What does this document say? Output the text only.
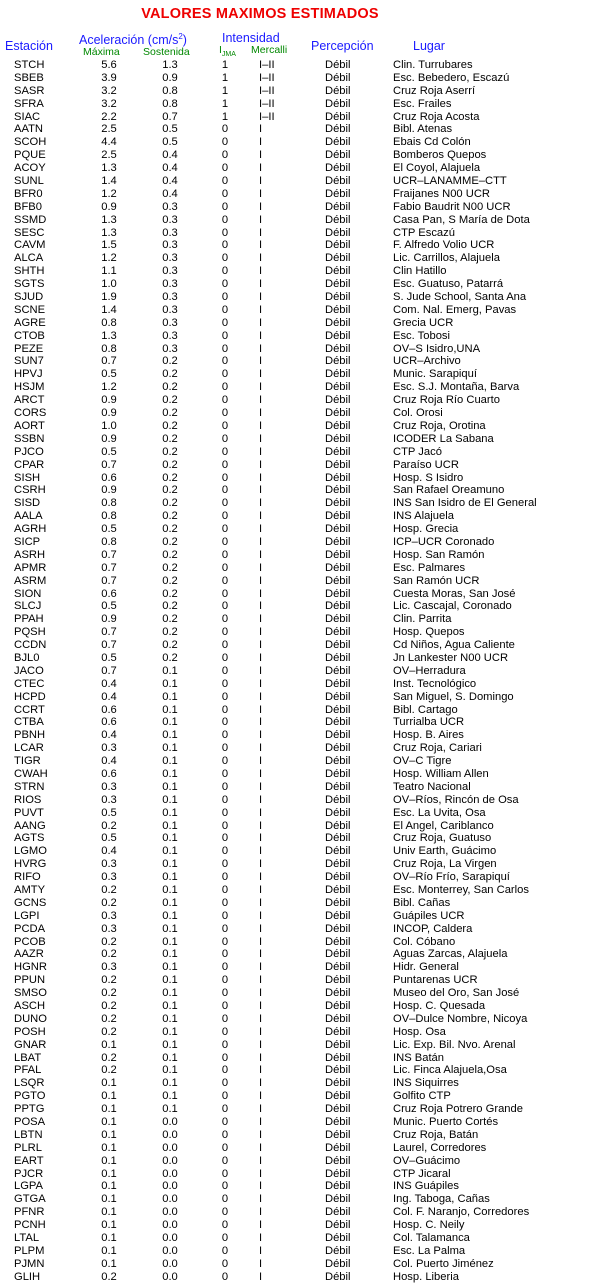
VALORES MAXIMOS ESTIMADOS
Estación Aceleración $(cm/s^2)$
Máxima Sostenida
Intensidad
$I_{JMA}$ Mercalli Percepción	Lugar
STCH	5.6	1.3	1	I–II	Débil	Clin. Turrubares
SBEB	3.9	0.9	1	I–II	Débil	Esc. Bebedero, Escazú
SASR	3.2	0.8	1	I–II	Débil	Cruz Roja Aserrí
SFRA	3.2	0.8	1	I–II	Débil	Esc. Frailes
SIAC	2.2	0.7	1	I–II	Débil	Cruz Roja Acosta
AATN	2.5	0.5	0	I	Débil	Bibl. Atenas
SCOH	4.4	0.5	0	I	Débil	Ebais Cd Colón
PQUE	2.5	0.4	0	I	Débil	Bomberos Quepos
ACOY	1.3	0.4	0	I	Débil	El Coyol, Alajuela
SUNL	1.4	0.4	0	I	Débil	UCR–LANAMME–CTT
BFR0	1.2	0.4	0	I	Débil	Fraijanes N00 UCR
BFB0	0.9	0.3	0	I	Débil	Fabio Baudrit N00 UCR
SSMD	1.3	0.3	0	I	Débil	Casa Pan, S María de Dota
SESC	1.3	0.3	0	I	Débil	CTP Escazú
CAVM	1.5	0.3	0	I	Débil	F. Alfredo Volio UCR
ALCA	1.2	0.3	0	I	Débil	Lic. Carrillos, Alajuela
SHTH	1.1	0.3	0	I	Débil	Clin Hatillo
SGTS	1.0	0.3	0	I	Débil	Esc. Guatuso, Patarrá
SJUD	1.9	0.3	0	I	Débil	S. Jude School, Santa Ana
SCNE	1.4	0.3	0	I	Débil	Com. Nal. Emerg, Pavas
AGRE	0.8	0.3	0	I	Débil	Grecia UCR
CTOB	1.3	0.3	0	I	Débil	Esc. Tobosi
PEZE	0.8	0.3	0	I	Débil	OV–S Isidro,UNA
SUN7	0.7	0.2	0	I	Débil	UCR–Archivo
HPVJ	0.5	0.2	0	I	Débil	Munic. Sarapiquí
HSJM	1.2	0.2	0	I	Débil	Esc. S.J. Montaña, Barva
ARCT	0.9	0.2	0	I	Débil	Cruz Roja Río Cuarto
CORS	0.9	0.2	0	I	Débil	Col. Orosi
AORT	1.0	0.2	0	I	Débil	Cruz Roja, Orotina
SSBN	0.9	0.2	0	I	Débil	ICODER La Sabana
PJCO	0.5	0.2	0	I	Débil	CTP Jacó
CPAR	0.7	0.2	0	I	Débil	Paraíso UCR
SISH	0.6	0.2	0	I	Débil	Hosp. S Isidro
CSRH	0.9	0.2	0	I	Débil	San Rafael Oreamuno
SISD	0.8	0.2	0	I	Débil	INS San Isidro de El General
AALA	0.8	0.2	0	I	Débil	INS Alajuela
AGRH	0.5	0.2	0	I	Débil	Hosp. Grecia
SICP	0.8	0.2	0	I	Débil	ICP–UCR Coronado
ASRH	0.7	0.2	0	I	Débil	Hosp. San Ramón
APMR	0.7	0.2	0	I	Débil	Esc. Palmares
ASRM	0.7	0.2	0	I	Débil	San Ramón UCR
SION	0.6	0.2	0	I	Débil	Cuesta Moras, San José
SLCJ	0.5	0.2	0	I	Débil	Lic. Cascajal, Coronado
PPAH	0.9	0.2	0	I	Débil	Clin. Parrita
PQSH	0.7	0.2	0	I	Débil	Hosp. Quepos
CCDN	0.7	0.2	0	I	Débil	Cd Niños, Agua Caliente
BJL0	0.5	0.2	0	I	Débil	Jn Lankester N00 UCR
JACO	0.7	0.1	0	I	Débil	OV–Herradura
CTEC	0.4	0.1	0	I	Débil	Inst. Tecnológico
HCPD	0.4	0.1	0	I	Débil	San Miguel, S. Domingo
CCRT	0.6	0.1	0	I	Débil	Bibl. Cartago
CTBA	0.6	0.1	0	I	Débil	Turrialba UCR
PBNH	0.4	0.1	0	I	Débil	Hosp. B. Aires
LCAR	0.3	0.1	0	I	Débil	Cruz Roja, Cariari
TIGR	0.4	0.1	0	I	Débil	OV–C Tigre
CWAH	0.6	0.1	0	I	Débil	Hosp. William Allen
STRN	0.3	0.1	0	I	Débil	Teatro Nacional
RIOS	0.3	0.1	0	I	Débil	OV–Ríos, Rincón de Osa
PUVT	0.5	0.1	0	I	Débil	Esc. La Uvita, Osa
AANG	0.2	0.1	0	I	Débil	El Angel, Cariblanco
AGTS	0.5	0.1	0	I	Débil	Cruz Roja, Guatuso
LGMO	0.4	0.1	0	I	Débil	Univ Earth, Guácimo
HVRG	0.3	0.1	0	I	Débil	Cruz Roja, La Virgen
RIFO	0.3	0.1	0	I	Débil	OV–Río Frío, Sarapiquí
AMTY	0.2	0.1	0	I	Débil	Esc. Monterrey, San Carlos
GCNS	0.2	0.1	0	I	Débil	Bibl. Cañas
LGPI	0.3	0.1	0	I	Débil	Guápiles UCR
PCDA	0.3	0.1	0	I	Débil	INCOP, Caldera
PCOB	0.2	0.1	0	I	Débil	Col. Cóbano
AAZR	0.2	0.1	0	I	Débil	Aguas Zarcas, Alajuela
HGNR	0.3	0.1	0	I	Débil	Hidr. General
PPUN	0.2	0.1	0	I	Débil	Puntarenas UCR
SMSO	0.2	0.1	0	I	Débil	Museo del Oro, San José
ASCH	0.2	0.1	0	I	Débil	Hosp. C. Quesada
DUNO	0.2	0.1	0	I	Débil	OV–Dulce Nombre, Nicoya
POSH	0.2	0.1	0	I	Débil	Hosp. Osa
GNAR	0.1	0.1	0	I	Débil	Lic. Exp. Bil. Nvo. Arenal
LBAT	0.2	0.1	0	I	Débil	INS Batán
PFAL	0.2	0.1	0	I	Débil	Lic. Finca Alajuela,Osa
LSQR	0.1	0.1	0	I	Débil	INS Siquirres
PGTO	0.1	0.1	0	I	Débil	Golfito CTP
PPTG	0.1	0.1	0	I	Débil	Cruz Roja Potrero Grande
POSA	0.1	0.0	0	I	Débil	Munic. Puerto Cortés
LBTN	0.1	0.0	0	I	Débil	Cruz Roja, Batán
PLRL	0.1	0.0	0	I	Débil	Laurel, Corredores
EART	0.1	0.0	0	I	Débil	OV–Guácimo
PJCR	0.1	0.0	0	I	Débil	CTP Jicaral
LGPA	0.1	0.0	0	I	Débil	INS Guápiles
GTGA	0.1	0.0	0	I	Débil	Ing. Taboga, Cañas
PFNR	0.1	0.0	0	I	Débil	Col. F. Naranjo, Corredores
PCNH	0.1	0.0	0	I	Débil	Hosp. C. Neily
LTAL	0.1	0.0	0	I	Débil	Col. Talamanca
PLPM	0.1	0.0	0	I	Débil	Esc. La Palma
PJMN	0.1	0.0	0	I	Débil	Col. Puerto Jiménez
GLIH	0.2	0.0	0	I	Débil	Hosp. Liberia
